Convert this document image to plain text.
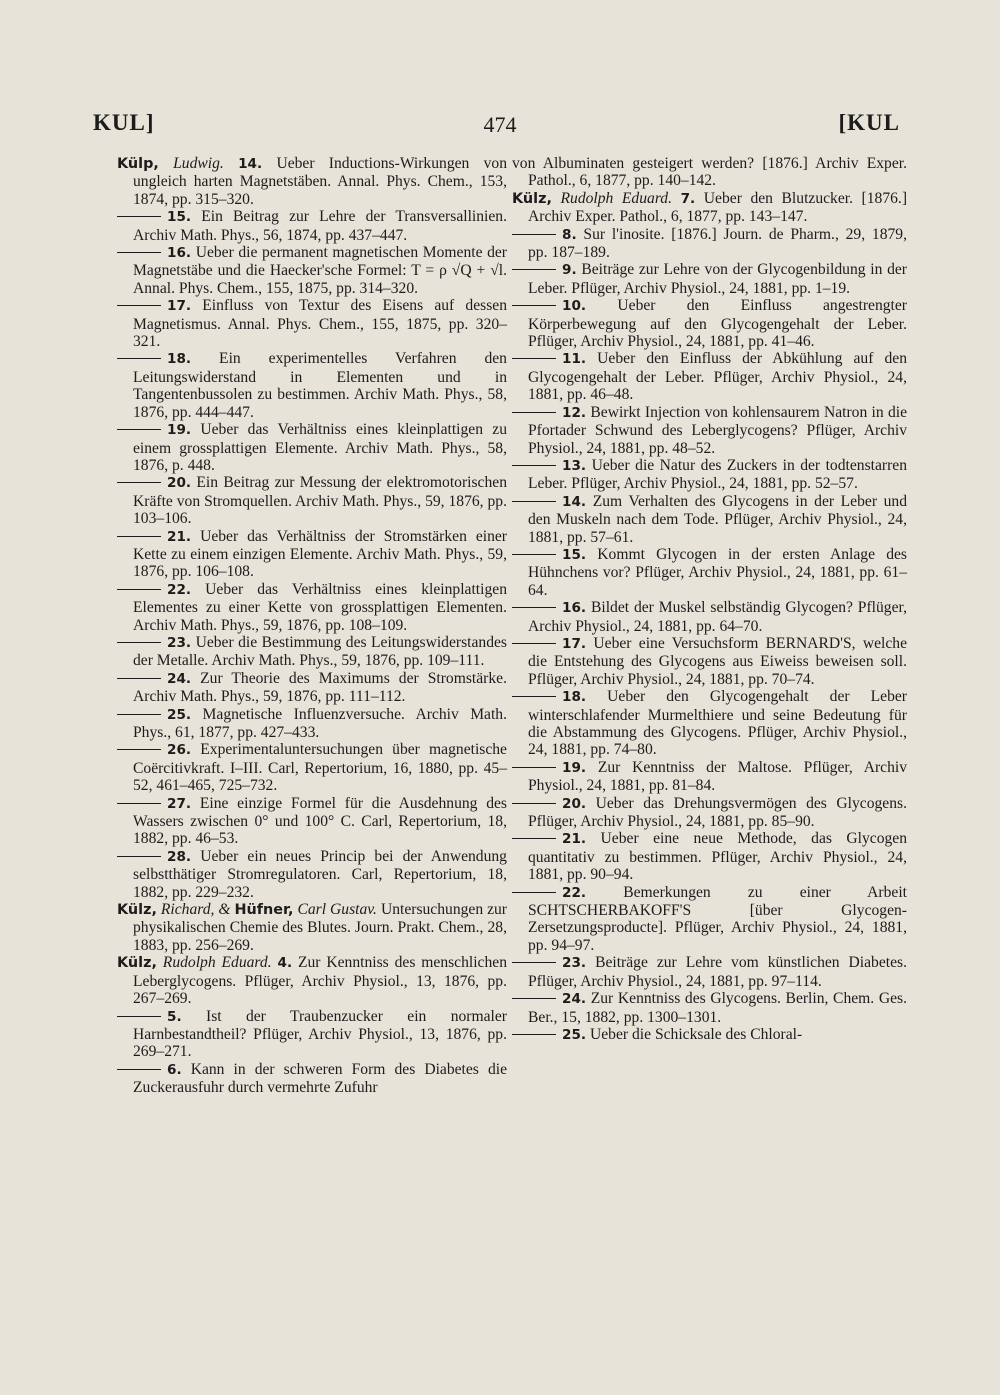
KUL]	474	[KUL

Külp, Ludwig. 14. Ueber Inductions-Wirkungen von ungleich harten Magnetstäben. Annal. Phys. Chem., 153, 1874, pp. 315–320.

15. Ein Beitrag zur Lehre der Transversallinien. Archiv Math. Phys., 56, 1874, pp. 437–447.

16. Ueber die permanent magnetischen Momente der Magnetstäbe und die Haecker'sche Formel: T = ρ √Q + √l. Annal. Phys. Chem., 155, 1875, pp. 314–320.

17. Einfluss von Textur des Eisens auf dessen Magnetismus. Annal. Phys. Chem., 155, 1875, pp. 320–321.

18. Ein experimentelles Verfahren den Leitungswiderstand in Elementen und in Tangentenbussolen zu bestimmen. Archiv Math. Phys., 58, 1876, pp. 444–447.

19. Ueber das Verhältniss eines kleinplattigen zu einem grossplattigen Elemente. Archiv Math. Phys., 58, 1876, p. 448.

20. Ein Beitrag zur Messung der elektromotorischen Kräfte von Stromquellen. Archiv Math. Phys., 59, 1876, pp. 103–106.

21. Ueber das Verhältniss der Stromstärken einer Kette zu einem einzigen Elemente. Archiv Math. Phys., 59, 1876, pp. 106–108.

22. Ueber das Verhältniss eines kleinplattigen Elementes zu einer Kette von grossplattigen Elementen. Archiv Math. Phys., 59, 1876, pp. 108–109.

23. Ueber die Bestimmung des Leitungswiderstandes der Metalle. Archiv Math. Phys., 59, 1876, pp. 109–111.

24. Zur Theorie des Maximums der Stromstärke. Archiv Math. Phys., 59, 1876, pp. 111–112.

25. Magnetische Influenzversuche. Archiv Math. Phys., 61, 1877, pp. 427–433.

26. Experimentaluntersuchungen über magnetische Coërcitivkraft. I–III. Carl, Repertorium, 16, 1880, pp. 45–52, 461–465, 725–732.

27. Eine einzige Formel für die Ausdehnung des Wassers zwischen 0° und 100° C. Carl, Repertorium, 18, 1882, pp. 46–53.

28. Ueber ein neues Princip bei der Anwendung selbstthätiger Stromregulatoren. Carl, Repertorium, 18, 1882, pp. 229–232.

Külz, Richard, & Hüfner, Carl Gustav. Untersuchungen zur physikalischen Chemie des Blutes. Journ. Prakt. Chem., 28, 1883, pp. 256–269.

Külz, Rudolph Eduard. 4. Zur Kenntniss des menschlichen Leberglycogens. Pflüger, Archiv Physiol., 13, 1876, pp. 267–269.

5. Ist der Traubenzucker ein normaler Harnbestandtheil? Pflüger, Archiv Physiol., 13, 1876, pp. 269–271.

6. Kann in der schweren Form des Diabetes die Zuckerausfuhr durch vermehrte Zufuhr

von Albuminaten gesteigert werden? [1876.] Archiv Exper. Pathol., 6, 1877, pp. 140–142.

Külz, Rudolph Eduard. 7. Ueber den Blutzucker. [1876.] Archiv Exper. Pathol., 6, 1877, pp. 143–147.

8. Sur l'inosite. [1876.] Journ. de Pharm., 29, 1879, pp. 187–189.

9. Beiträge zur Lehre von der Glycogenbildung in der Leber. Pflüger, Archiv Physiol., 24, 1881, pp. 1–19.

10. Ueber den Einfluss angestrengter Körperbewegung auf den Glycogengehalt der Leber. Pflüger, Archiv Physiol., 24, 1881, pp. 41–46.

11. Ueber den Einfluss der Abkühlung auf den Glycogengehalt der Leber. Pflüger, Archiv Physiol., 24, 1881, pp. 46–48.

12. Bewirkt Injection von kohlensaurem Natron in die Pfortader Schwund des Leberglycogens? Pflüger, Archiv Physiol., 24, 1881, pp. 48–52.

13. Ueber die Natur des Zuckers in der todtenstarren Leber. Pflüger, Archiv Physiol., 24, 1881, pp. 52–57.

14. Zum Verhalten des Glycogens in der Leber und den Muskeln nach dem Tode. Pflüger, Archiv Physiol., 24, 1881, pp. 57–61.

15. Kommt Glycogen in der ersten Anlage des Hühnchens vor? Pflüger, Archiv Physiol., 24, 1881, pp. 61–64.

16. Bildet der Muskel selbständig Glycogen? Pflüger, Archiv Physiol., 24, 1881, pp. 64–70.

17. Ueber eine Versuchsform BERNARD'S, welche die Entstehung des Glycogens aus Eiweiss beweisen soll. Pflüger, Archiv Physiol., 24, 1881, pp. 70–74.

18. Ueber den Glycogengehalt der Leber winterschlafender Murmelthiere und seine Bedeutung für die Abstammung des Glycogens. Pflüger, Archiv Physiol., 24, 1881, pp. 74–80.

19. Zur Kenntniss der Maltose. Pflüger, Archiv Physiol., 24, 1881, pp. 81–84.

20. Ueber das Drehungsvermögen des Glycogens. Pflüger, Archiv Physiol., 24, 1881, pp. 85–90.

21. Ueber eine neue Methode, das Glycogen quantitativ zu bestimmen. Pflüger, Archiv Physiol., 24, 1881, pp. 90–94.

22. Bemerkungen zu einer Arbeit SCHTSCHERBAKOFF'S [über Glycogen-Zersetzungsproducte]. Pflüger, Archiv Physiol., 24, 1881, pp. 94–97.

23. Beiträge zur Lehre vom künstlichen Diabetes. Pflüger, Archiv Physiol., 24, 1881, pp. 97–114.

24. Zur Kenntniss des Glycogens. Berlin, Chem. Ges. Ber., 15, 1882, pp. 1300–1301.

25. Ueber die Schicksale des Chloral-
